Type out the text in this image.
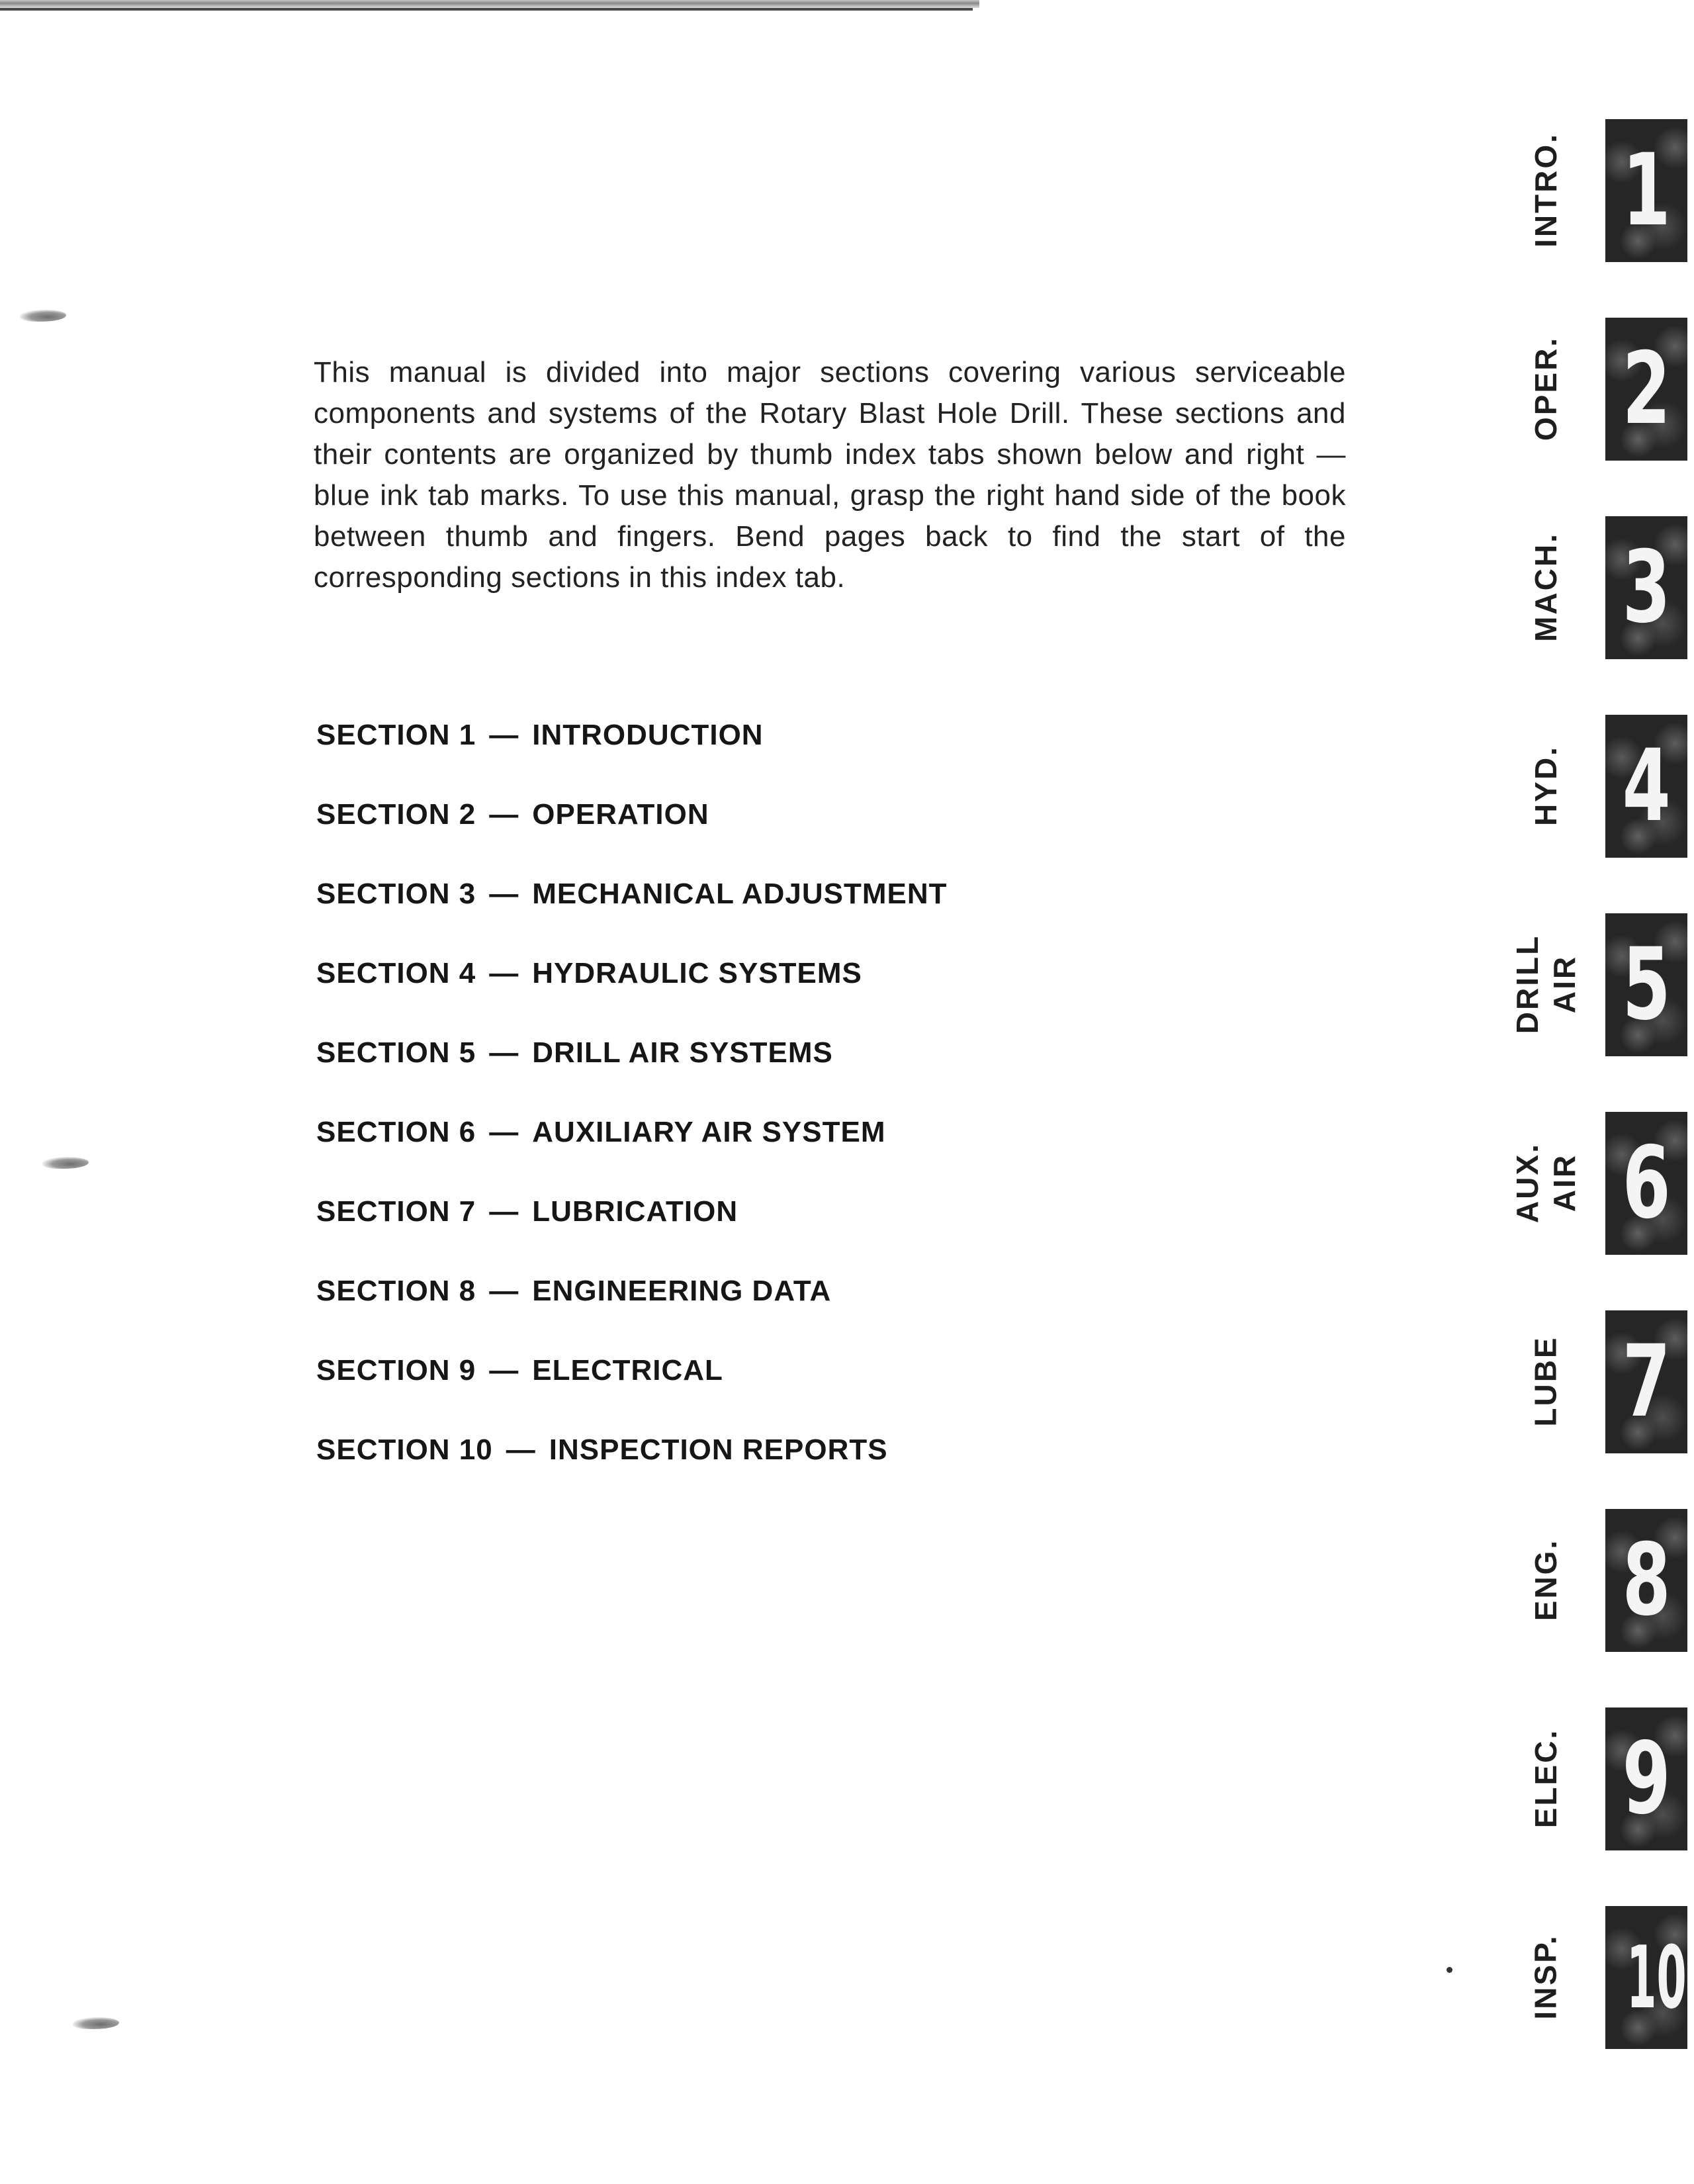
This manual is divided into major sections covering various serviceable components and systems of the Rotary Blast Hole Drill. These sections and their contents are organized by thumb index tabs shown below and right — blue ink tab marks. To use this manual, grasp the right hand side of the book between thumb and fingers. Bend pages back to find the start of the corresponding sections in this index tab.

SECTION 1 — INTRODUCTION
SECTION 2 — OPERATION
SECTION 3 — MECHANICAL ADJUSTMENT
SECTION 4 — HYDRAULIC SYSTEMS
SECTION 5 — DRILL AIR SYSTEMS
SECTION 6 — AUXILIARY AIR SYSTEM
SECTION 7 — LUBRICATION
SECTION 8 — ENGINEERING DATA
SECTION 9 — ELECTRICAL
SECTION 10 — INSPECTION REPORTS
INTRO. 1
OPER. 2
MACH. 3
HYD. 4
DRILL AIR 5
AUX. AIR 6
LUBE 7
ENG. 8
ELEC. 9
INSP. 10
